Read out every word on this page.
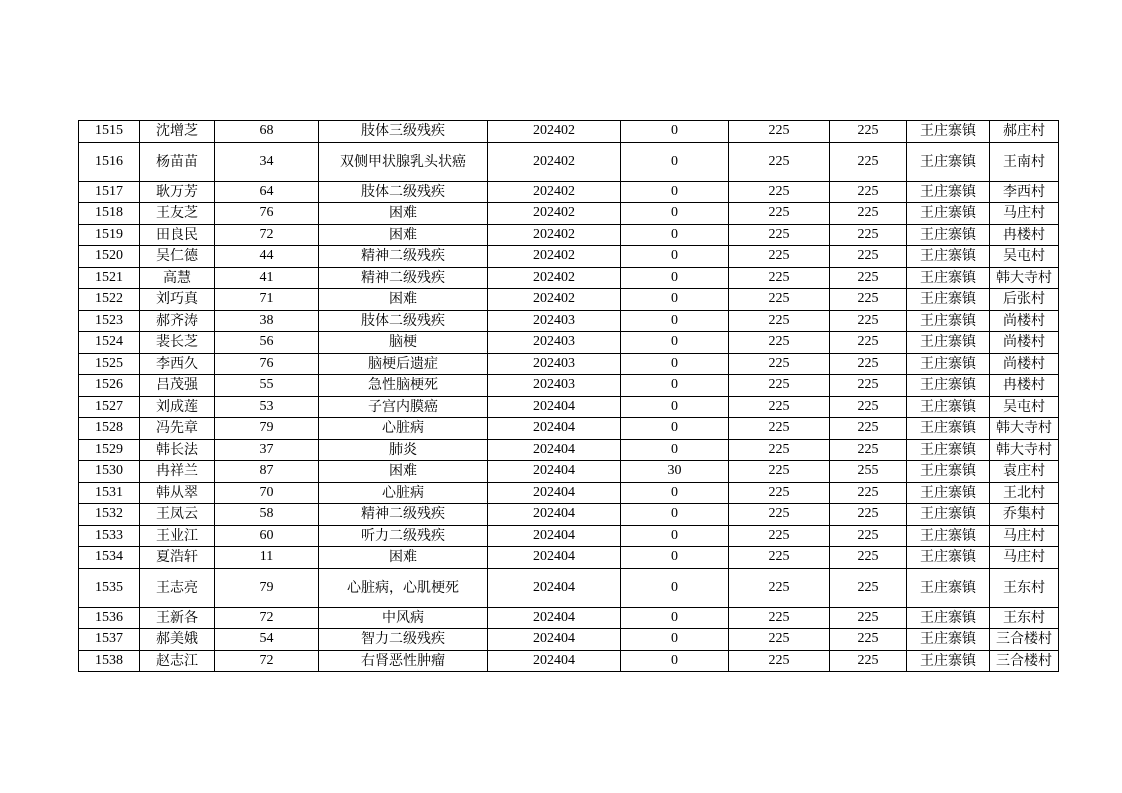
1515	沈增芝	68	肢体三级残疾	202402	0	225	225	王庄寨镇	郝庄村
1516	杨苗苗	34	双侧甲状腺乳头状癌	202402	0	225	225	王庄寨镇	王南村
1517	耿万芳	64	肢体二级残疾	202402	0	225	225	王庄寨镇	李西村
1518	王友芝	76	困难	202402	0	225	225	王庄寨镇	马庄村
1519	田良民	72	困难	202402	0	225	225	王庄寨镇	冉楼村
1520	吴仁德	44	精神二级残疾	202402	0	225	225	王庄寨镇	吴屯村
1521	高慧	41	精神二级残疾	202402	0	225	225	王庄寨镇	韩大寺村
1522	刘巧真	71	困难	202402	0	225	225	王庄寨镇	后张村
1523	郝齐涛	38	肢体二级残疾	202403	0	225	225	王庄寨镇	尚楼村
1524	裴长芝	56	脑梗	202403	0	225	225	王庄寨镇	尚楼村
1525	李西久	76	脑梗后遗症	202403	0	225	225	王庄寨镇	尚楼村
1526	吕茂强	55	急性脑梗死	202403	0	225	225	王庄寨镇	冉楼村
1527	刘成莲	53	子宫内膜癌	202404	0	225	225	王庄寨镇	吴屯村
1528	冯先章	79	心脏病	202404	0	225	225	王庄寨镇	韩大寺村
1529	韩长法	37	肺炎	202404	0	225	225	王庄寨镇	韩大寺村
1530	冉祥兰	87	困难	202404	30	225	255	王庄寨镇	袁庄村
1531	韩从翠	70	心脏病	202404	0	225	225	王庄寨镇	王北村
1532	王凤云	58	精神二级残疾	202404	0	225	225	王庄寨镇	乔集村
1533	王业江	60	听力二级残疾	202404	0	225	225	王庄寨镇	马庄村
1534	夏浩轩	11	困难	202404	0	225	225	王庄寨镇	马庄村
1535	王志亮	79	心脏病，心肌梗死	202404	0	225	225	王庄寨镇	王东村
1536	王新各	72	中风病	202404	0	225	225	王庄寨镇	王东村
1537	郝美娥	54	智力二级残疾	202404	0	225	225	王庄寨镇	三合楼村
1538	赵志江	72	右肾恶性肿瘤	202404	0	225	225	王庄寨镇	三合楼村
